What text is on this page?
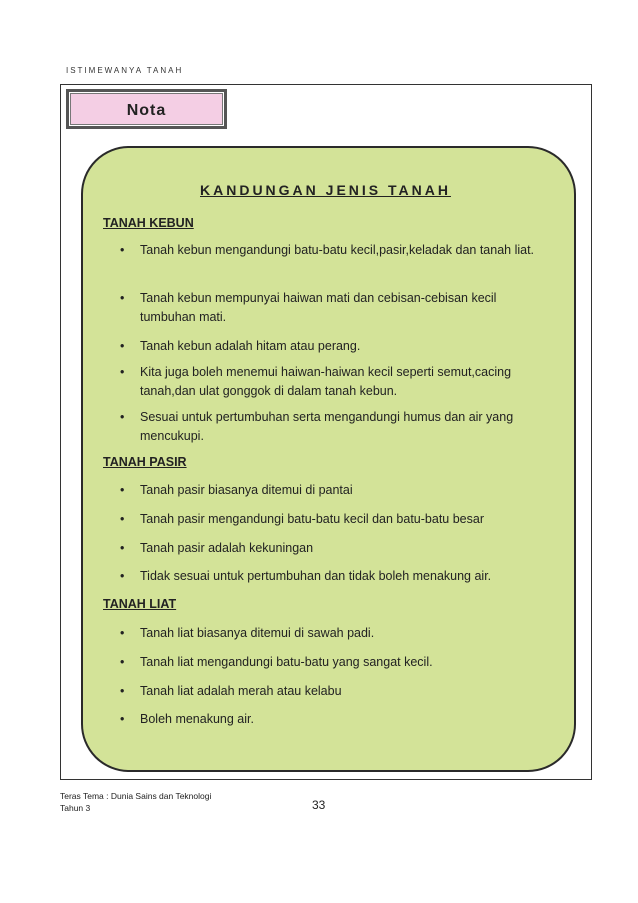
ISTIMEWANYA TANAH
Nota
KANDUNGAN JENIS TANAH
TANAH KEBUN
•	Tanah kebun mengandungi batu-batu kecil,pasir,keladak dan tanah liat.
•	Tanah kebun mempunyai haiwan mati dan cebisan-cebisan kecil tumbuhan mati.
•	Tanah kebun adalah hitam atau perang.
•	Kita juga boleh menemui haiwan-haiwan kecil seperti semut,cacing tanah,dan ulat gonggok di dalam tanah kebun.
•	Sesuai untuk pertumbuhan serta mengandungi humus dan air yang mencukupi.
TANAH PASIR
•	Tanah pasir biasanya ditemui di pantai
•	Tanah pasir mengandungi batu-batu kecil dan batu-batu besar
•	Tanah pasir adalah kekuningan
•	Tidak sesuai untuk pertumbuhan dan tidak boleh menakung air.
TANAH LIAT
•	Tanah liat biasanya ditemui di sawah padi.
•	Tanah liat mengandungi batu-batu yang sangat kecil.
•	Tanah liat adalah merah atau kelabu
•	Boleh menakung air.
Teras Tema : Dunia Sains dan Teknologi
Tahun 3	33
